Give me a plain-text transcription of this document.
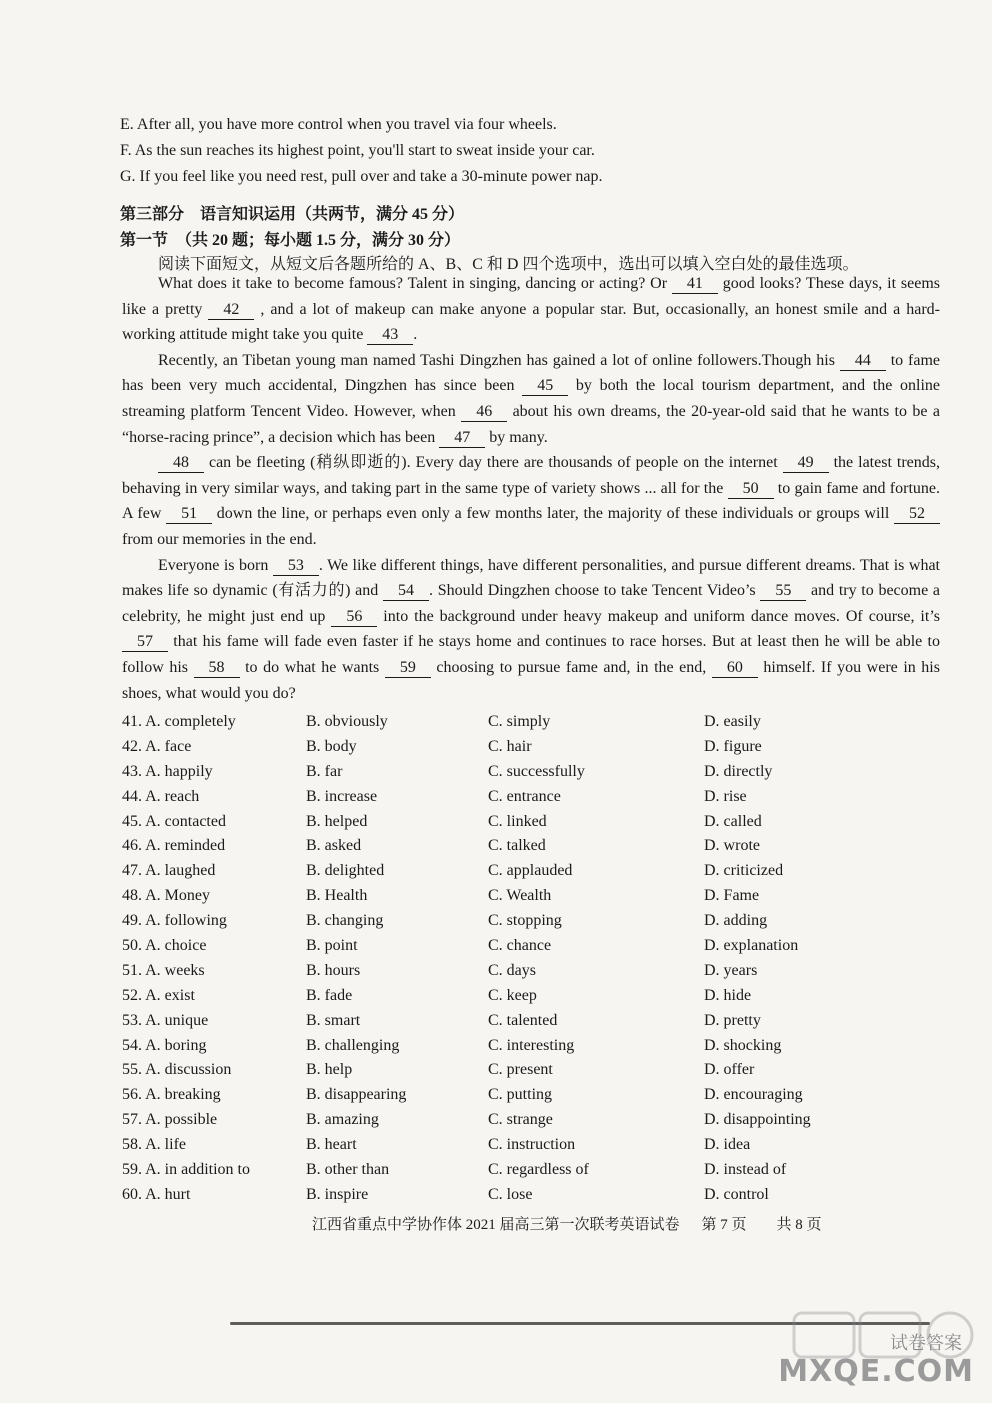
E. After all, you have more control when you travel via four wheels.
F. As the sun reaches its highest point, you'll start to sweat inside your car.
G. If you feel like you need rest, pull over and take a 30-minute power nap.
第三部分　语言知识运用（共两节，满分 45 分）
第一节　（共 20 题；每小题 1.5 分，满分 30 分）
阅读下面短文，从短文后各题所给的 A、B、C 和 D 四个选项中，选出可以填入空白处的最佳选项。

What does it take to become famous? Talent in singing, dancing or acting? Or 41 good looks? These days, it seems like a pretty 42 , and a lot of makeup can make anyone a popular star. But, occasionally, an honest smile and a hard-working attitude might take you quite 43 .

Recently, an Tibetan young man named Tashi Dingzhen has gained a lot of online followers.Though his 44 to fame has been very much accidental, Dingzhen has since been 45 by both the local tourism department, and the online streaming platform Tencent Video. However, when 46 about his own dreams, the 20-year-old said that he wants to be a “horse-racing prince”, a decision which has been 47 by many.

48 can be fleeting (稍纵即逝的). Every day there are thousands of people on the internet 49 the latest trends, behaving in very similar ways, and taking part in the same type of variety shows ... all for the 50 to gain fame and fortune. A few 51 down the line, or perhaps even only a few months later, the majority of these individuals or groups will 52 from our memories in the end.

Everyone is born 53 . We like different things, have different personalities, and pursue different dreams. That is what makes life so dynamic (有活力的) and 54 . Should Dingzhen choose to take Tencent Video’s 55 and try to become a celebrity, he might just end up 56 into the background under heavy makeup and uniform dance moves. Of course, it’s 57 that his fame will fade even faster if he stays home and continues to race horses. But at least then he will be able to follow his 58 to do what he wants 59 choosing to pursue fame and, in the end, 60 himself. If you were in his shoes, what would you do?

41. A. completely	B. obviously	C. simply	D. easily
42. A. face	B. body	C. hair	D. figure
43. A. happily	B. far	C. successfully	D. directly
44. A. reach	B. increase	C. entrance	D. rise
45. A. contacted	B. helped	C. linked	D. called
46. A. reminded	B. asked	C. talked	D. wrote
47. A. laughed	B. delighted	C. applauded	D. criticized
48. A. Money	B. Health	C. Wealth	D. Fame
49. A. following	B. changing	C. stopping	D. adding
50. A. choice	B. point	C. chance	D. explanation
51. A. weeks	B. hours	C. days	D. years
52. A. exist	B. fade	C. keep	D. hide
53. A. unique	B. smart	C. talented	D. pretty
54. A. boring	B. challenging	C. interesting	D. shocking
55. A. discussion	B. help	C. present	D. offer
56. A. breaking	B. disappearing	C. putting	D. encouraging
57. A. possible	B. amazing	C. strange	D. disappointing
58. A. life	B. heart	C. instruction	D. idea
59. A. in addition to	B. other than	C. regardless of	D. instead of
60. A. hurt	B. inspire	C. lose	D. control
江西省重点中学协作体 2021 届高三第一次联考英语试卷 第 7 页 共 8 页
试卷答案
MXQE.COM
